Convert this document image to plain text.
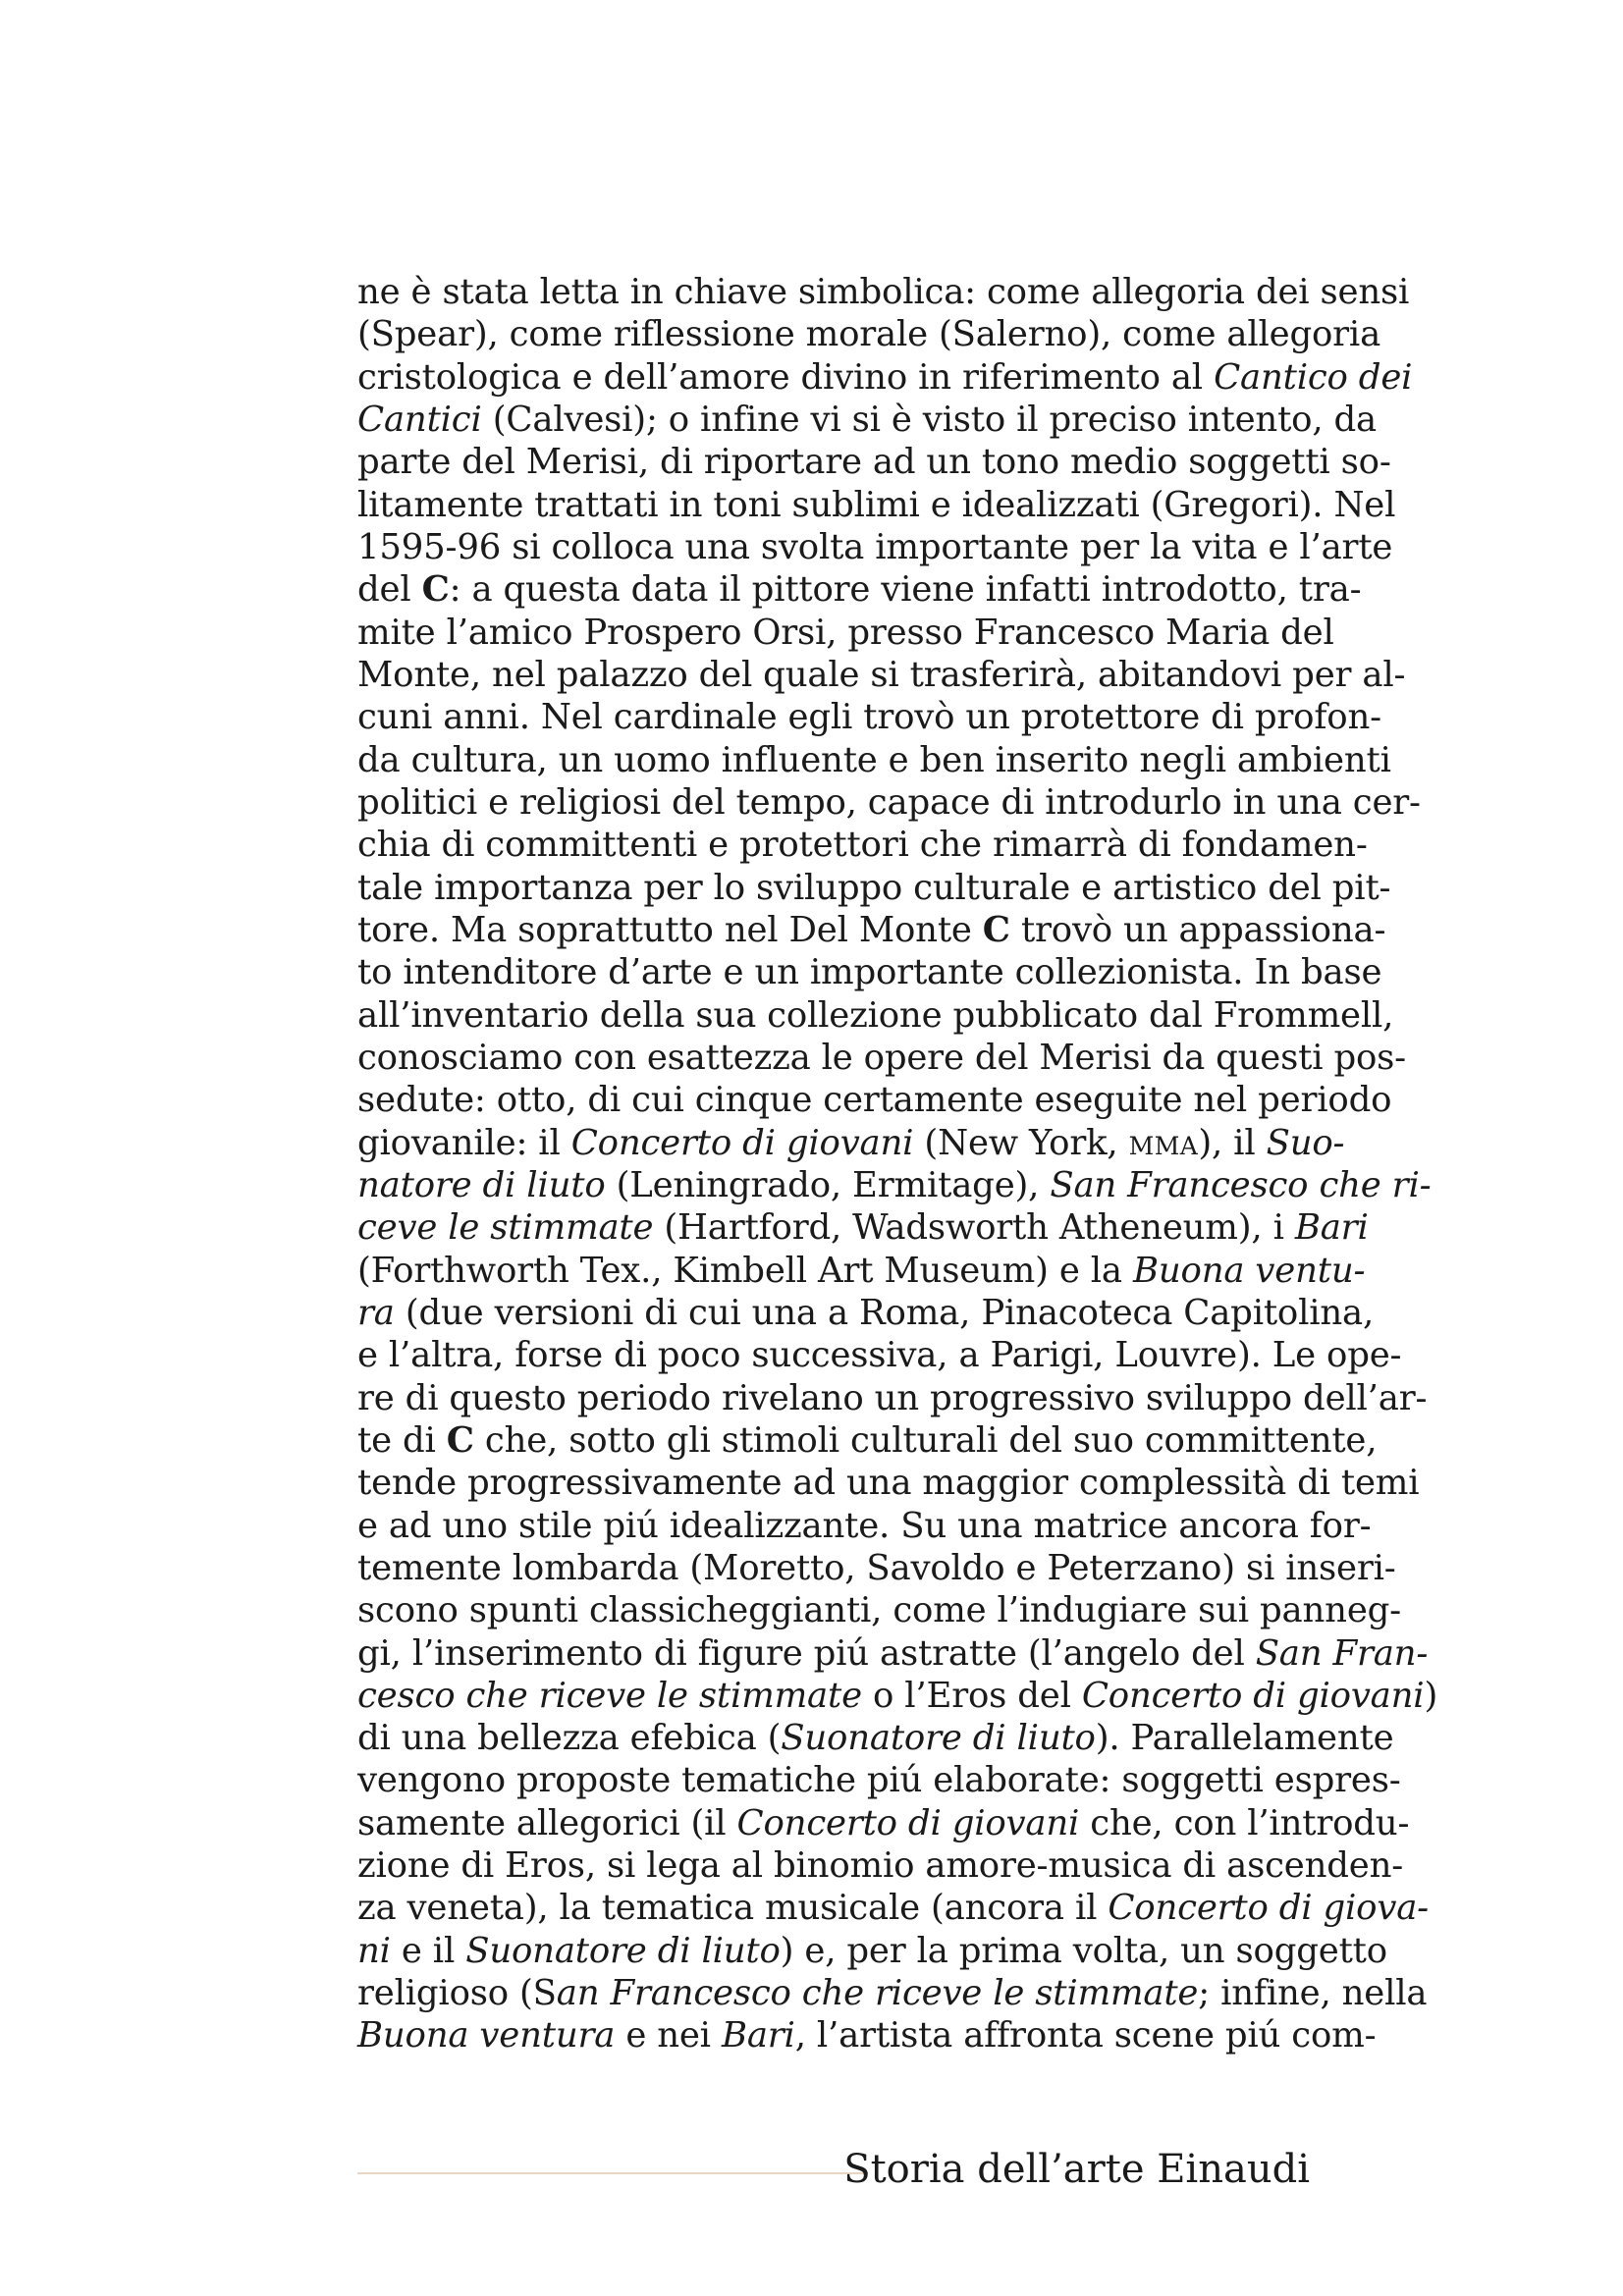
ne è stata letta in chiave simbolica: come allegoria dei sensi
(Spear), come riflessione morale (Salerno), come allegoria
cristologica e dell’amore divino in riferimento al Cantico dei
Cantici (Calvesi); o infine vi si è visto il preciso intento, da
parte del Merisi, di riportare ad un tono medio soggetti so-
litamente trattati in toni sublimi e idealizzati (Gregori). Nel
1595-96 si colloca una svolta importante per la vita e l’arte
del C: a questa data il pittore viene infatti introdotto, tra-
mite l’amico Prospero Orsi, presso Francesco Maria del
Monte, nel palazzo del quale si trasferirà, abitandovi per al-
cuni anni. Nel cardinale egli trovò un protettore di profon-
da cultura, un uomo influente e ben inserito negli ambienti
politici e religiosi del tempo, capace di introdurlo in una cer-
chia di committenti e protettori che rimarrà di fondamen-
tale importanza per lo sviluppo culturale e artistico del pit-
tore. Ma soprattutto nel Del Monte C trovò un appassiona-
to intenditore d’arte e un importante collezionista. In base
all’inventario della sua collezione pubblicato dal Frommell,
conosciamo con esattezza le opere del Merisi da questi pos-
sedute: otto, di cui cinque certamente eseguite nel periodo
giovanile: il Concerto di giovani (New York, mma), il Suo-
natore di liuto (Leningrado, Ermitage), San Francesco che ri-
ceve le stimmate (Hartford, Wadsworth Atheneum), i Bari
(Forthworth Tex., Kimbell Art Museum) e la Buona ventu-
ra (due versioni di cui una a Roma, Pinacoteca Capitolina,
e l’altra, forse di poco successiva, a Parigi, Louvre). Le ope-
re di questo periodo rivelano un progressivo sviluppo dell’ar-
te di C che, sotto gli stimoli culturali del suo committente,
tende progressivamente ad una maggior complessità di temi
e ad uno stile piú idealizzante. Su una matrice ancora for-
temente lombarda (Moretto, Savoldo e Peterzano) si inseri-
scono spunti classicheggianti, come l’indugiare sui panneg-
gi, l’inserimento di figure piú astratte (l’angelo del San Fran-
cesco che riceve le stimmate o l’Eros del Concerto di giovani)
di una bellezza efebica (Suonatore di liuto). Parallelamente
vengono proposte tematiche piú elaborate: soggetti espres-
samente allegorici (il Concerto di giovani che, con l’introdu-
zione di Eros, si lega al binomio amore-musica di ascenden-
za veneta), la tematica musicale (ancora il Concerto di giova-
ni e il Suonatore di liuto) e, per la prima volta, un soggetto
religioso (San Francesco che riceve le stimmate; infine, nella
Buona ventura e nei Bari, l’artista affronta scene piú com-
Storia dell’arte Einaudi
